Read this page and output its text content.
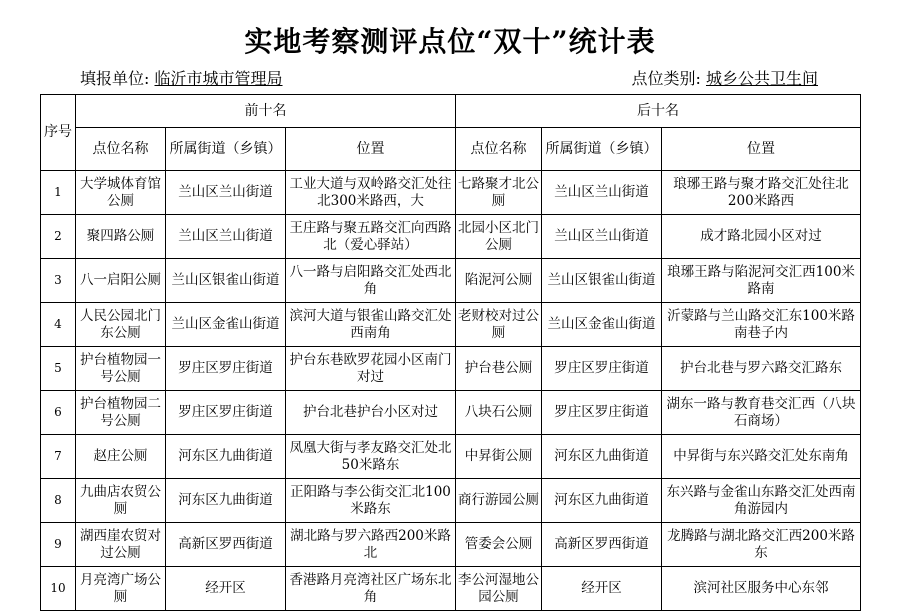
实地考察测评点位“双十”统计表
填报单位: 临沂市城市管理局	点位类别: 城乡公共卫生间
序号	前十名			后十名		
	点位名称	所属街道（乡镇）	位置	点位名称	所属街道（乡镇）	位置
1	大学城体育馆公厕	兰山区兰山街道	工业大道与双岭路交汇处往北300米路西，大	七路聚才北公厕	兰山区兰山街道	琅琊王路与聚才路交汇处往北200米路西
2	聚四路公厕	兰山区兰山街道	王庄路与聚五路交汇向西路北（爱心驿站）	北园小区北门公厕	兰山区兰山街道	成才路北园小区对过
3	八一启阳公厕	兰山区银雀山街道	八一路与启阳路交汇处西北角	陷泥河公厕	兰山区银雀山街道	琅琊王路与陷泥河交汇西100米路南
4	人民公园北门东公厕	兰山区金雀山街道	滨河大道与银雀山路交汇处西南角	老财校对过公厕	兰山区金雀山街道	沂蒙路与兰山路交汇东100米路南巷子内
5	护台植物园一号公厕	罗庄区罗庄街道	护台东巷欧罗花园小区南门对过	护台巷公厕	罗庄区罗庄街道	护台北巷与罗六路交汇路东
6	护台植物园二号公厕	罗庄区罗庄街道	护台北巷护台小区对过	八块石公厕	罗庄区罗庄街道	湖东一路与教育巷交汇西（八块石商场）
7	赵庄公厕	河东区九曲街道	凤凰大街与孝友路交汇处北50米路东	中昇街公厕	河东区九曲街道	中昇街与东兴路交汇处东南角
8	九曲店农贸公厕	河东区九曲街道	正阳路与李公街交汇北100米路东	商行游园公厕	河东区九曲街道	东兴路与金雀山东路交汇处西南角游园内
9	湖西崖农贸对过公厕	高新区罗西街道	湖北路与罗六路西200米路北	管委会公厕	高新区罗西街道	龙腾路与湖北路交汇西200米路东
10	月亮湾广场公厕	经开区	香港路月亮湾社区广场东北角	李公河湿地公园公厕	经开区	滨河社区服务中心东邻
